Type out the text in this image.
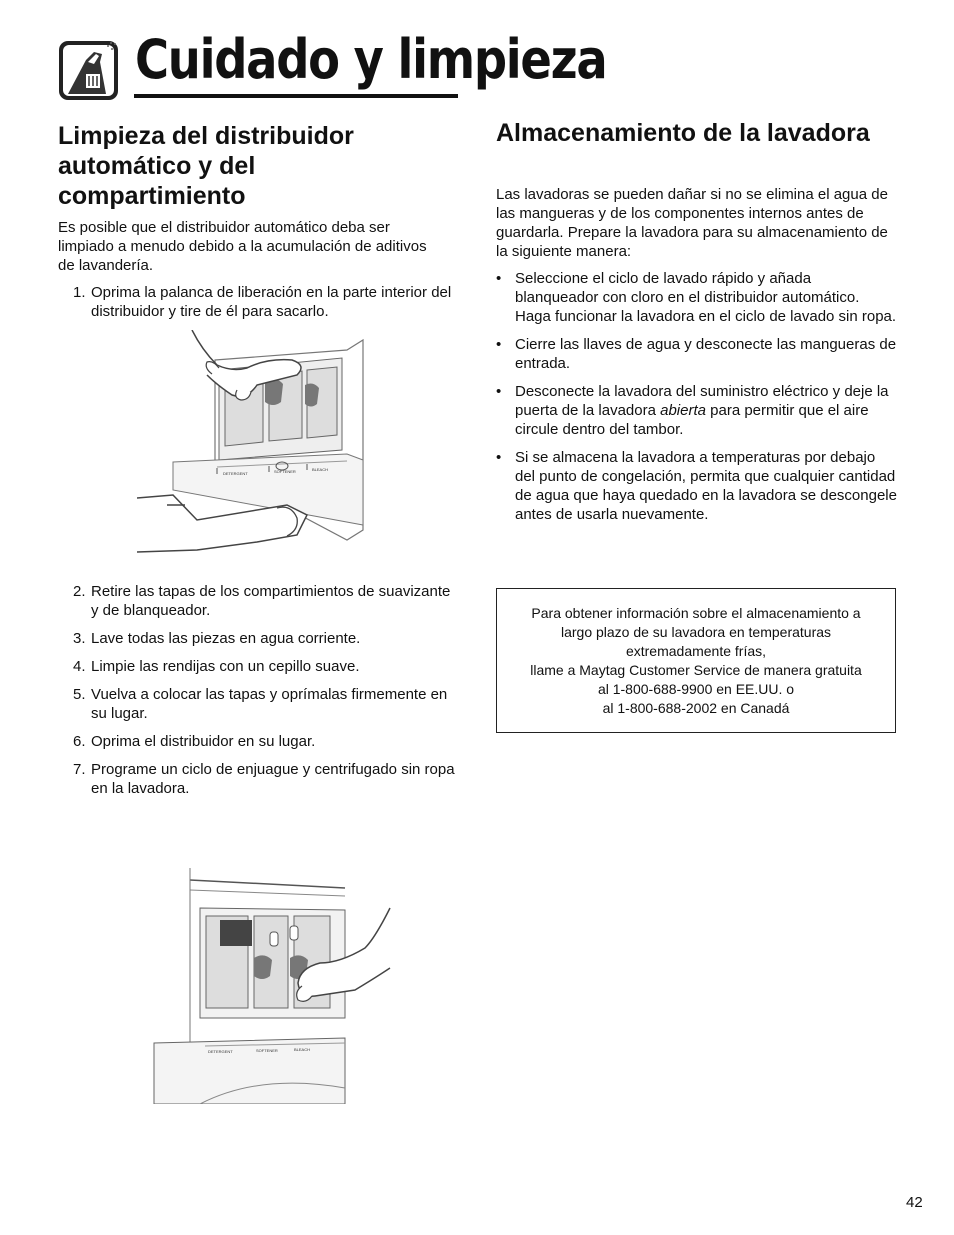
Cuidado y limpieza
Limpieza del distribuidor automático y del compartimiento

Es posible que el distribuidor automático deba ser limpiado a menudo debido a la acumulación de aditivos de lavandería.

1. Oprima la palanca de liberación en la parte interior del distribuidor y tire de él para sacarlo.
DETERGENT	SOFTENER	BLEACH
2. Retire las tapas de los compartimientos de suavizante y de blanqueador.
3. Lave todas las piezas en agua corriente.
4. Limpie las rendijas con un cepillo suave.
5. Vuelva a colocar las tapas y oprímalas firmemente en su lugar.
6. Oprima el distribuidor en su lugar.
7. Programe un ciclo de enjuague y centrifugado sin ropa en la lavadora.
DETERGENT	SOFTENER	BLEACH
Almacenamiento de la lavadora

Las lavadoras se pueden dañar si no se elimina el agua de las mangueras y de los componentes internos antes de guardarla. Prepare la lavadora para su almacenamiento de la siguiente manera:

• Seleccione el ciclo de lavado rápido y añada blanqueador con cloro en el distribuidor automático. Haga funcionar la lavadora en el ciclo de lavado sin ropa.
• Cierre las llaves de agua y desconecte las mangueras de entrada.
• Desconecte la lavadora del suministro eléctrico y deje la puerta de la lavadora abierta para permitir que el aire circule dentro del tambor.
• Si se almacena la lavadora a temperaturas por debajo del punto de congelación, permita que cualquier cantidad de agua que haya quedado en la lavadora se descongele antes de usarla nuevamente.
Para obtener información sobre el almacenamiento a
largo plazo de su lavadora en temperaturas
extremadamente frías,
llame a Maytag Customer Service de manera gratuita
al 1-800-688-9900 en EE.UU. o
al 1-800-688-2002 en Canadá
42
